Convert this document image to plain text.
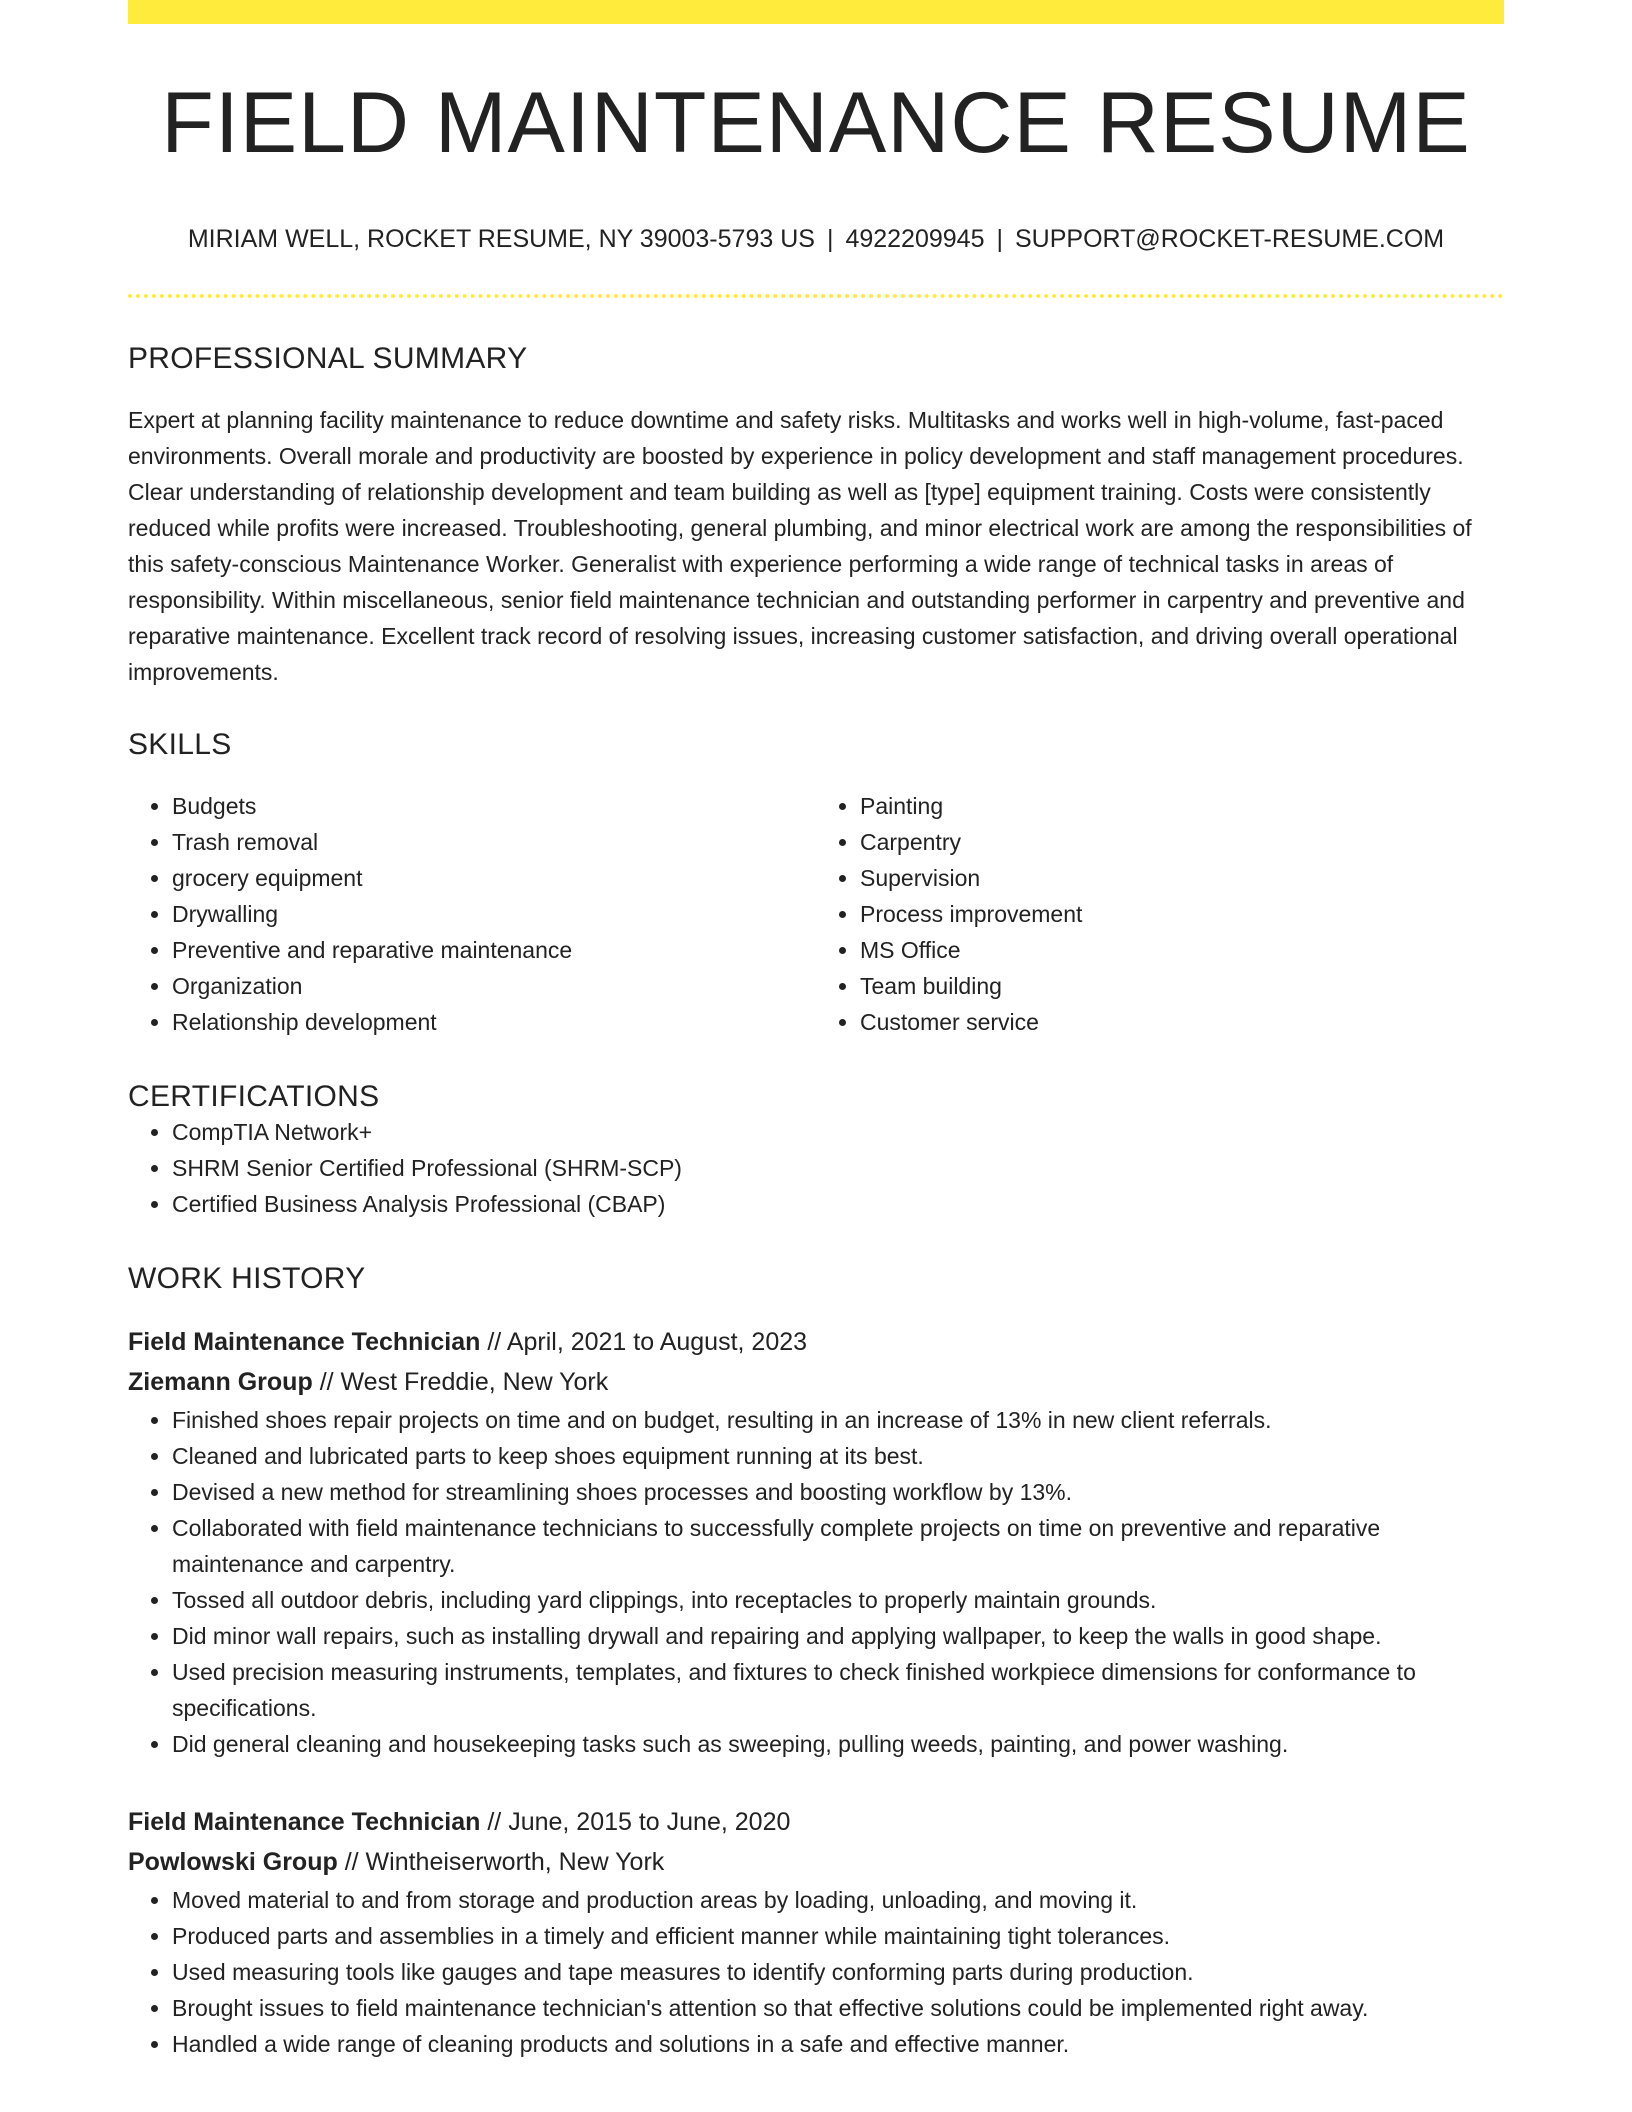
FIELD MAINTENANCE RESUME
MIRIAM WELL, ROCKET RESUME, NY 39003-5793 US | 4922209945 | SUPPORT@ROCKET-RESUME.COM
PROFESSIONAL SUMMARY
Expert at planning facility maintenance to reduce downtime and safety risks. Multitasks and works well in high-volume, fast-paced environments. Overall morale and productivity are boosted by experience in policy development and staff management procedures. Clear understanding of relationship development and team building as well as [type] equipment training. Costs were consistently reduced while profits were increased. Troubleshooting, general plumbing, and minor electrical work are among the responsibilities of this safety-conscious Maintenance Worker. Generalist with experience performing a wide range of technical tasks in areas of responsibility. Within miscellaneous, senior field maintenance technician and outstanding performer in carpentry and preventive and reparative maintenance. Excellent track record of resolving issues, increasing customer satisfaction, and driving overall operational improvements.
SKILLS
• Budgets
• Trash removal
• grocery equipment
• Drywalling
• Preventive and reparative maintenance
• Organization
• Relationship development
• Painting
• Carpentry
• Supervision
• Process improvement
• MS Office
• Team building
• Customer service
CERTIFICATIONS
• CompTIA Network+
• SHRM Senior Certified Professional (SHRM-SCP)
• Certified Business Analysis Professional (CBAP)
WORK HISTORY
Field Maintenance Technician // April, 2021 to August, 2023
Ziemann Group // West Freddie, New York
• Finished shoes repair projects on time and on budget, resulting in an increase of 13% in new client referrals.
• Cleaned and lubricated parts to keep shoes equipment running at its best.
• Devised a new method for streamlining shoes processes and boosting workflow by 13%.
• Collaborated with field maintenance technicians to successfully complete projects on time on preventive and reparative maintenance and carpentry.
• Tossed all outdoor debris, including yard clippings, into receptacles to properly maintain grounds.
• Did minor wall repairs, such as installing drywall and repairing and applying wallpaper, to keep the walls in good shape.
• Used precision measuring instruments, templates, and fixtures to check finished workpiece dimensions for conformance to specifications.
• Did general cleaning and housekeeping tasks such as sweeping, pulling weeds, painting, and power washing.
Field Maintenance Technician // June, 2015 to June, 2020
Powlowski Group // Wintheiserworth, New York
• Moved material to and from storage and production areas by loading, unloading, and moving it.
• Produced parts and assemblies in a timely and efficient manner while maintaining tight tolerances.
• Used measuring tools like gauges and tape measures to identify conforming parts during production.
• Brought issues to field maintenance technician's attention so that effective solutions could be implemented right away.
• Handled a wide range of cleaning products and solutions in a safe and effective manner.
